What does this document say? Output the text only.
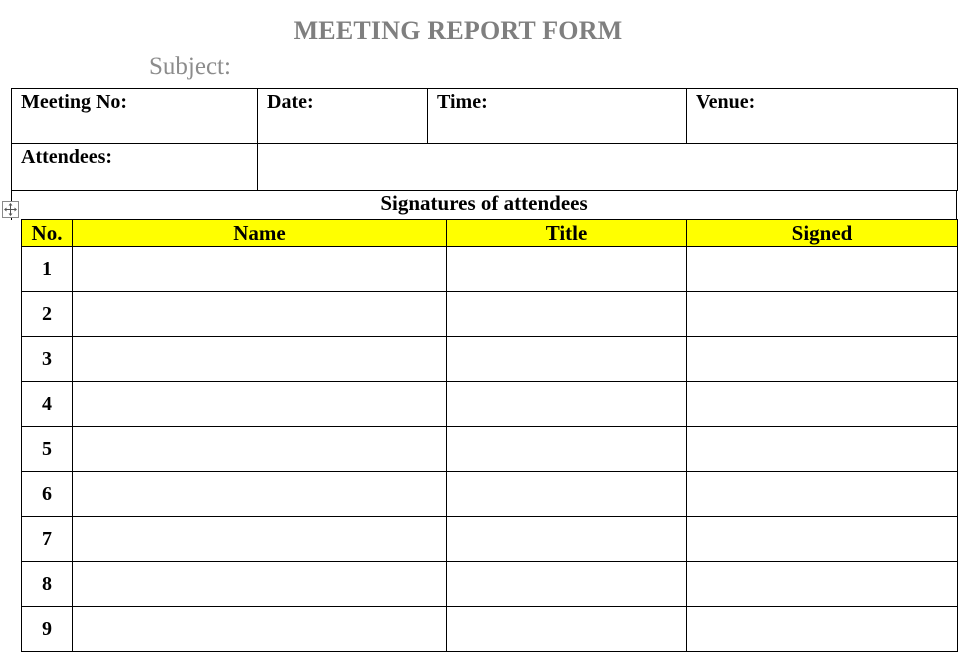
MEETING REPORT FORM
Subject:
Meeting No:	Date:	Time:	Venue:
Attendees:			
Signatures of attendees
No.	Name	Title	Signed
1			
2			
3			
4			
5			
6			
7			
8			
9			
